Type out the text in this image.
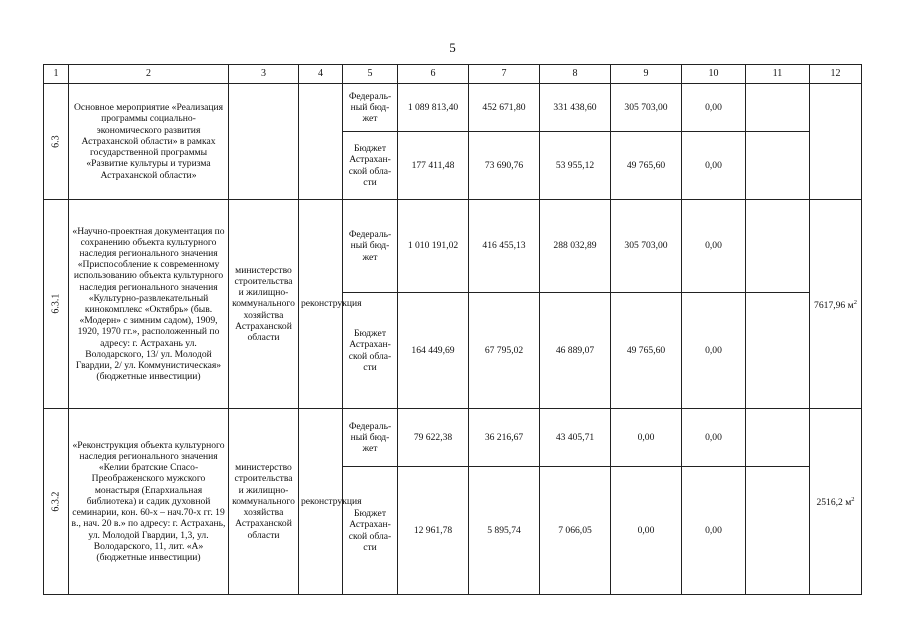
5
1	2	3	4	5	6	7	8	9	10	11	12
6.3	Основное мероприятие «Реализация программы социально-экономического развития Астраханской области» в рамках государственной программы «Развитие культуры и туризма Астраханской области»			Федераль-ный бюд-жет	1 089 813,40	452 671,80	331 438,60	305 703,00	0,00		
				Бюджет Астрахан-ской обла-сти	177 411,48	73 690,76	53 955,12	49 765,60	0,00		
6.3.1	«Научно-проектная документация по сохранению объекта культурного наследия регионального значения «Приспособление к современному использованию объекта культурного наследия регионального значения «Культурно-развлекательный кинокомплекс «Октябрь» (быв. «Модерн» с зимним садом), 1909, 1920, 1970 гг.», расположенный по адресу: г. Астрахань ул. Володарского, 13/ ул. Молодой Гвардии, 2/ ул. Коммунистическая» (бюджетные инвестиции)	министерство строительства и жилищно-коммунального хозяйства Астраханской области	реконструкция	Федераль-ный бюд-жет	1 010 191,02	416 455,13	288 032,89	305 703,00	0,00		7617,96 $м^2$
				Бюджет Астрахан-ской обла-сти	164 449,69	67 795,02	46 889,07	49 765,60	0,00		
6.3.2	«Реконструкция объекта культурного наследия регионального значения «Келии братские Спасо-Преображенского мужского монастыря (Епархиальная библиотека) и садик духовной семинарии, кон. 60-х – нач.70-х гг. 19 в., нач. 20 в.» по адресу: г. Астрахань, ул. Молодой Гвардии, 1,3, ул. Володарского, 11, лит. «А» (бюджетные инвестиции)	министерство строительства и жилищно-коммунального хозяйства Астраханской области	реконструкция	Федераль-ный бюд-жет	79 622,38	36 216,67	43 405,71	0,00	0,00		2516,2 $м^2$
				Бюджет Астрахан-ской обла-сти	12 961,78	5 895,74	7 066,05	0,00	0,00		
